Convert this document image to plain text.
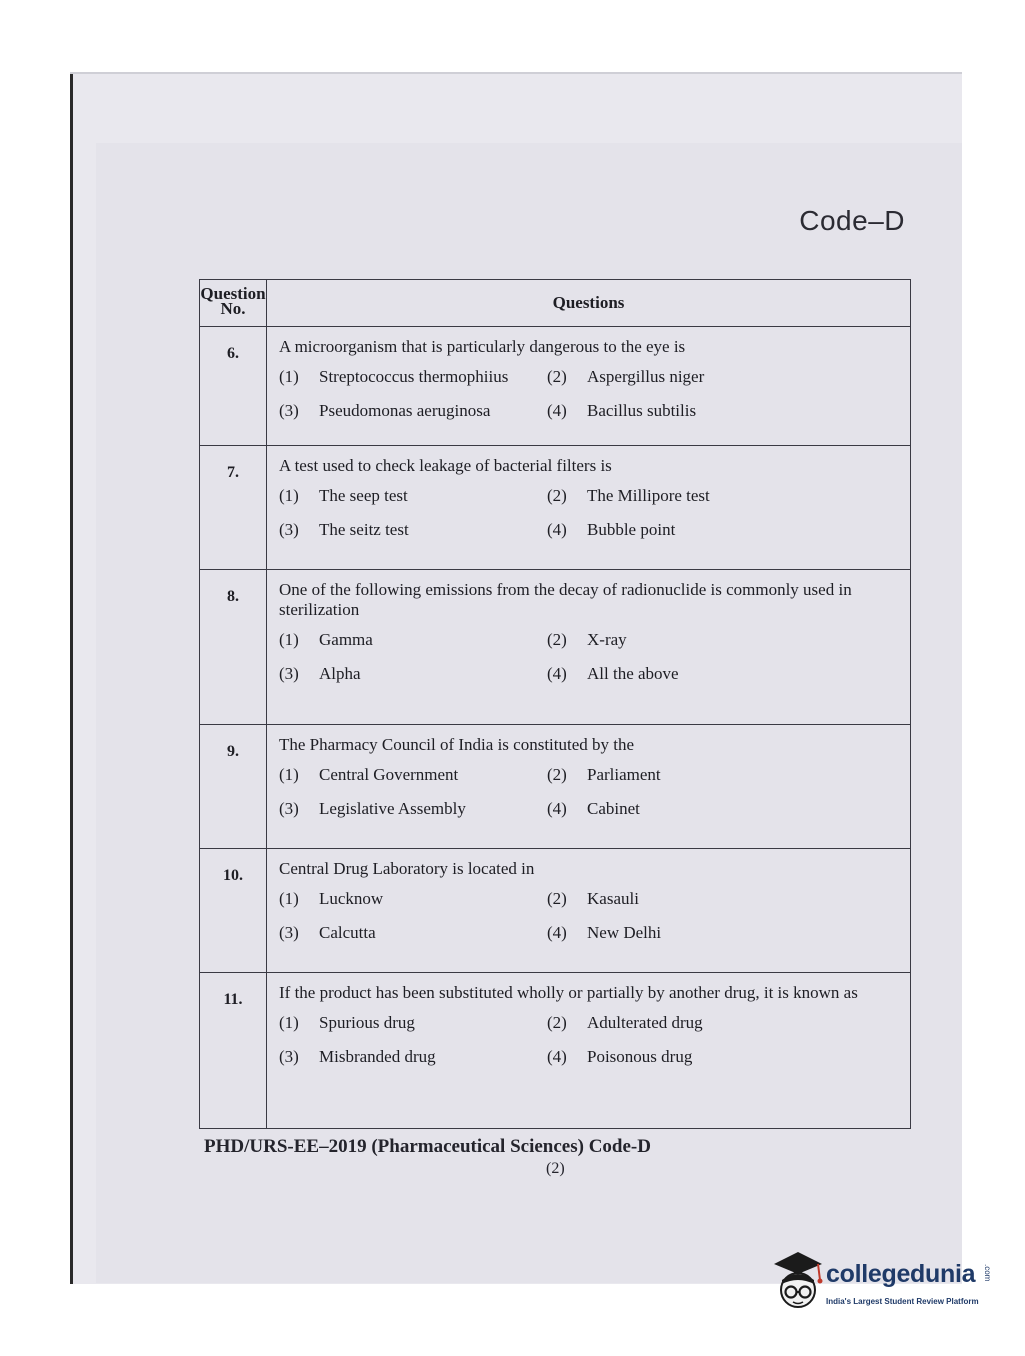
Code–D
Question No.	Questions
6.	A microorganism that is particularly dangerous to the eye is
(1) Streptococcus thermophiius (2) Aspergillus niger
(3) Pseudomonas aeruginosa (4) Bacillus subtilis

7.	A test used to check leakage of bacterial filters is
(1) The seep test (2) The Millipore test
(3) The seitz test (4) Bubble point

8.	One of the following emissions from the decay of radionuclide is commonly used in sterilization
(1) Gamma (2) X-ray
(3) Alpha (4) All the above

9.	The Pharmacy Council of India is constituted by the
(1) Central Government (2) Parliament
(3) Legislative Assembly (4) Cabinet

10.	Central Drug Laboratory is located in
(1) Lucknow (2) Kasauli
(3) Calcutta (4) New Delhi

11.	If the product has been substituted wholly or partially by another drug, it is known as
(1) Spurious drug (2) Adulterated drug
(3) Misbranded drug (4) Poisonous drug
PHD/URS-EE–2019 (Pharmaceutical Sciences) Code-D
(2)
collegedunia .com
India's Largest Student Review Platform
